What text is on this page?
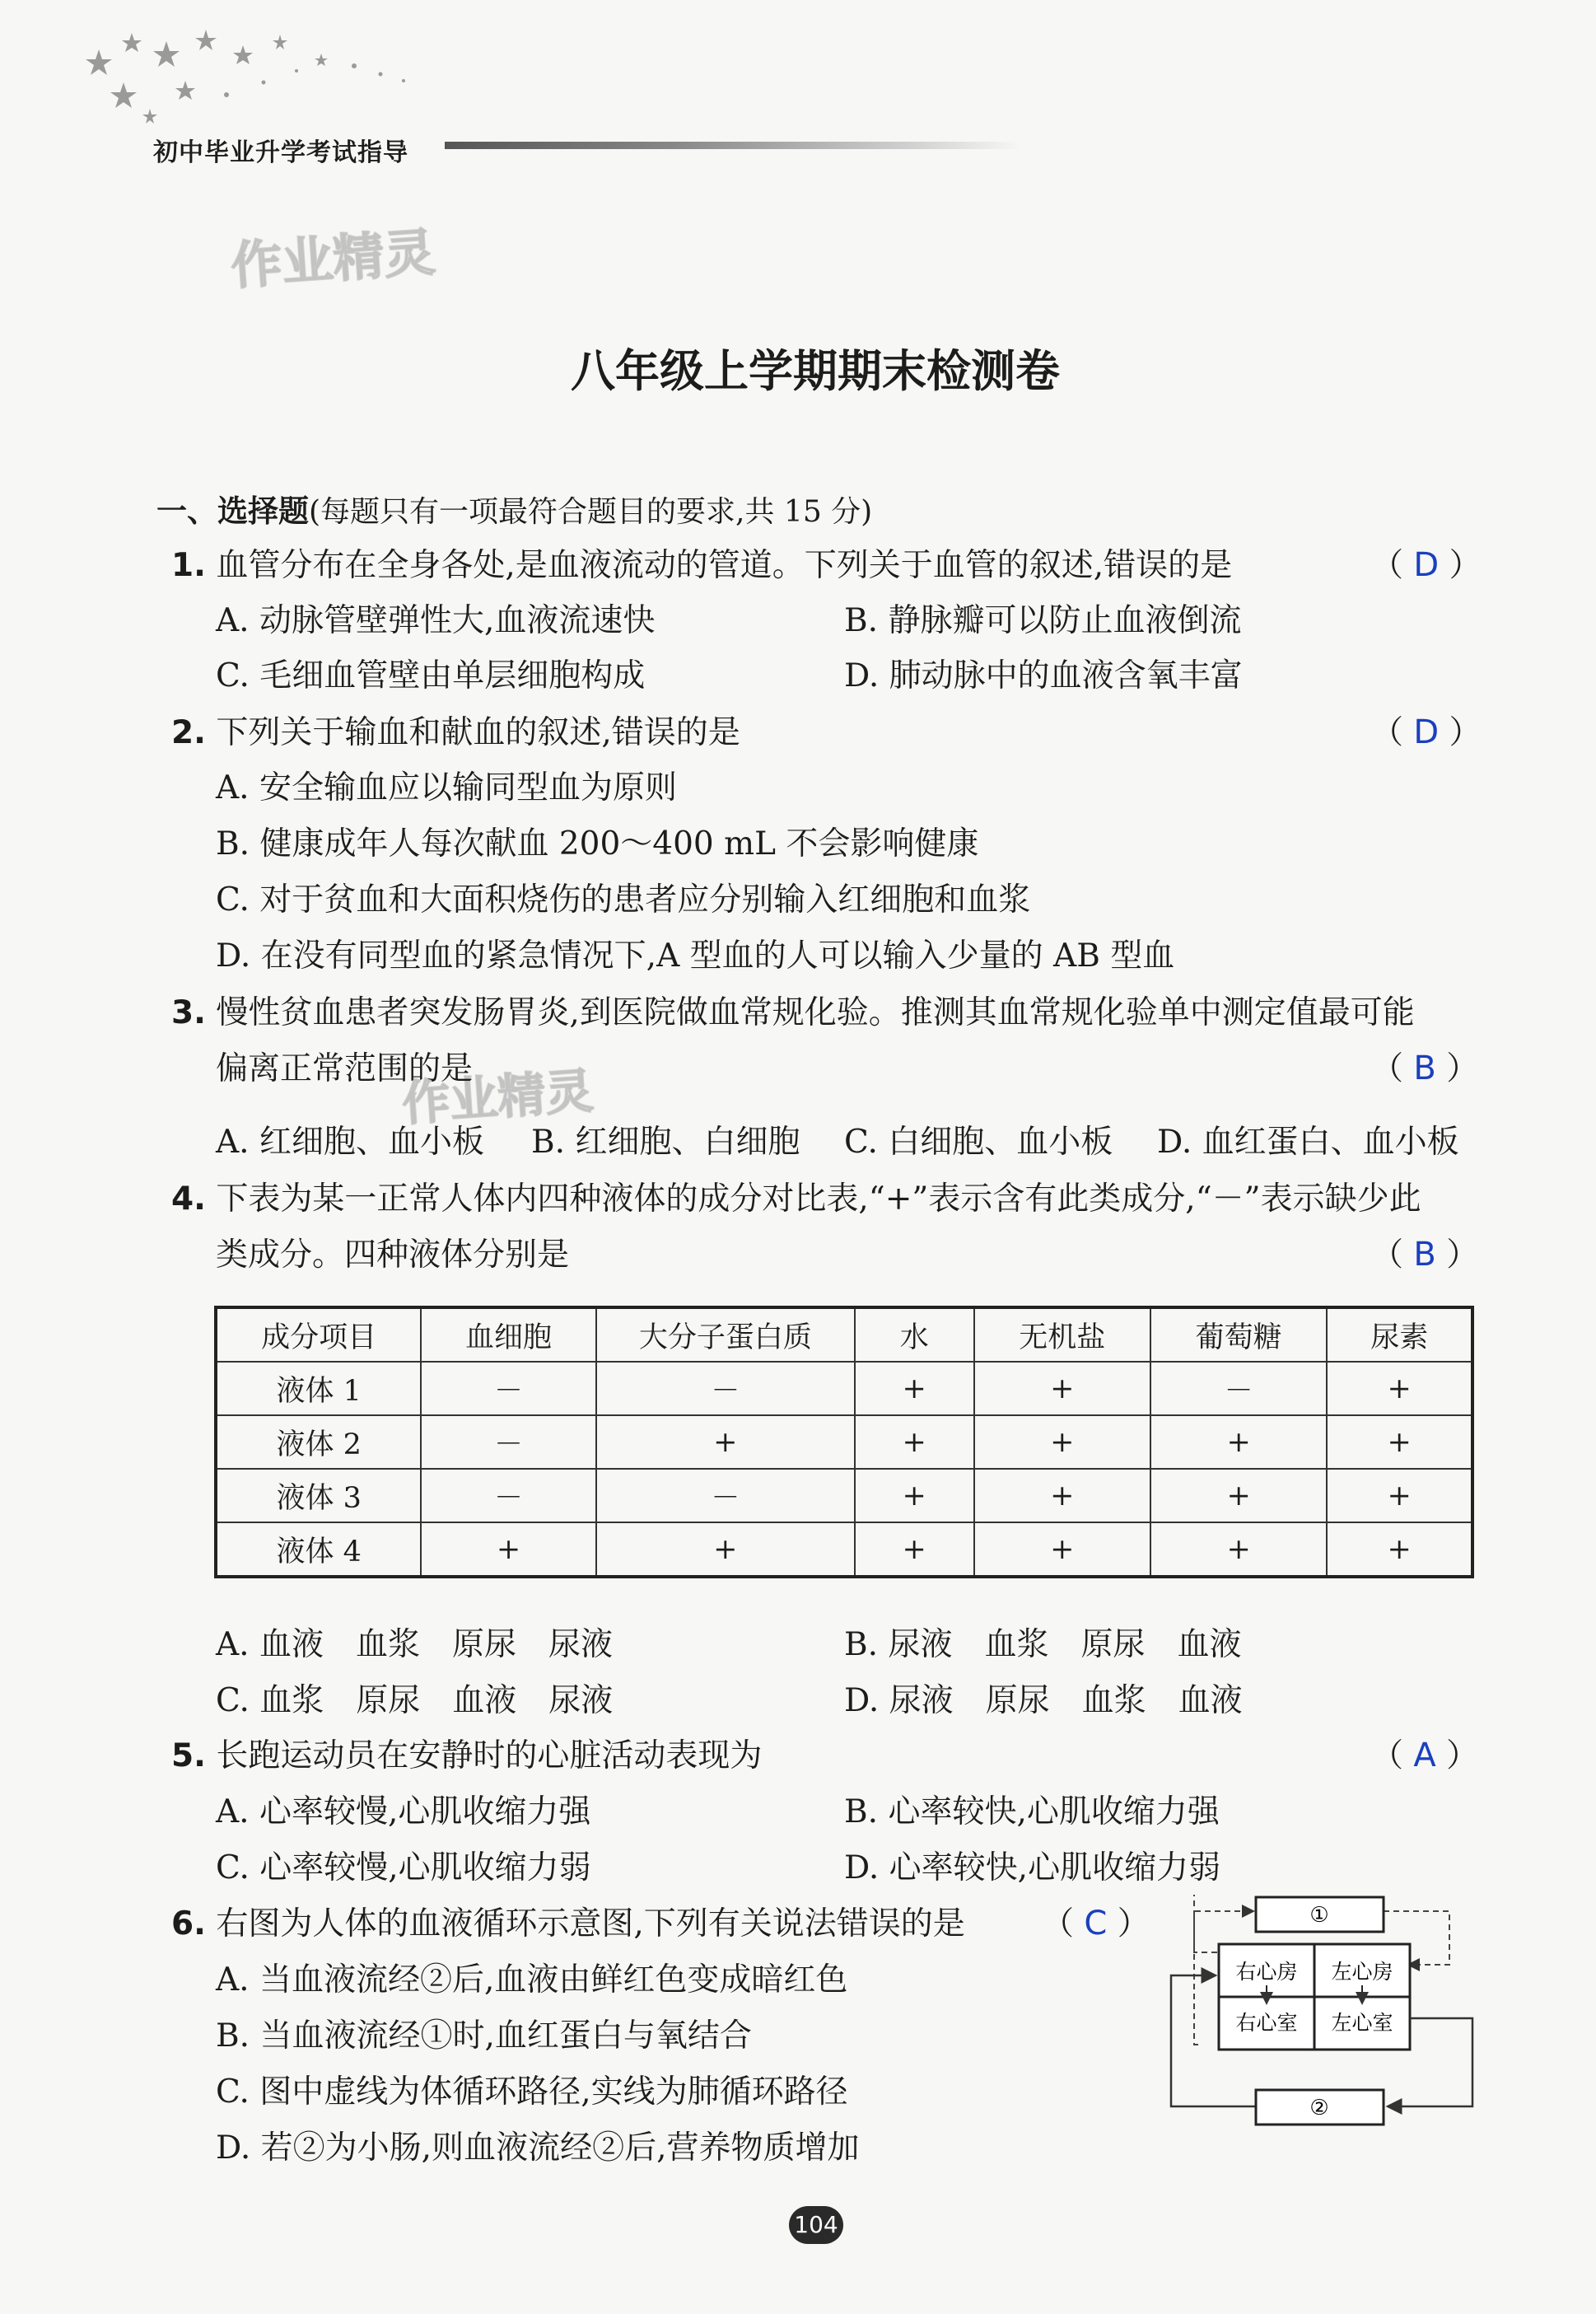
初中毕业升学考试指导
作业精灵
作业精灵
八年级上学期期末检测卷
一、选择题(每题只有一项最符合题目的要求,共 15 分)
1. 血管分布在全身各处,是血液流动的管道。下列关于血管的叙述,错误的是	（ D ）
A. 动脉管壁弹性大,血液流速快	B. 静脉瓣可以防止血液倒流
C. 毛细血管壁由单层细胞构成	D. 肺动脉中的血液含氧丰富
2. 下列关于输血和献血的叙述,错误的是	（ D ）
A. 安全输血应以输同型血为原则
B. 健康成年人每次献血 200～400 mL 不会影响健康
C. 对于贫血和大面积烧伤的患者应分别输入红细胞和血浆
D. 在没有同型血的紧急情况下,A 型血的人可以输入少量的 AB 型血
3. 慢性贫血患者突发肠胃炎,到医院做血常规化验。推测其血常规化验单中测定值最可能
偏离正常范围的是	（ B ）
A. 红细胞、血小板 B. 红细胞、白细胞 C. 白细胞、血小板 D. 血红蛋白、血小板
4. 下表为某一正常人体内四种液体的成分对比表,“+”表示含有此类成分,“－”表示缺少此
类成分。四种液体分别是	（ B ）
成分项目	血细胞	大分子蛋白质	水	无机盐	葡萄糖	尿素
液体 1	－	－	+	+	－	+
液体 2	－	+	+	+	+	+
液体 3	－	－	+	+	+	+
液体 4	+	+	+	+	+	+
A. 血液　血浆　原尿　尿液	B. 尿液　血浆　原尿　血液
C. 血浆　原尿　血液　尿液	D. 尿液　原尿　血浆　血液
5. 长跑运动员在安静时的心脏活动表现为	（ A ）
A. 心率较慢,心肌收缩力强	B. 心率较快,心肌收缩力强
C. 心率较慢,心肌收缩力弱	D. 心率较快,心肌收缩力弱
6. 右图为人体的血液循环示意图,下列有关说法错误的是 （ C ）
A. 当血液流经②后,血液由鲜红色变成暗红色
B. 当血液流经①时,血红蛋白与氧结合
C. 图中虚线为体循环路径,实线为肺循环路径
D. 若②为小肠,则血液流经②后,营养物质增加
①
右心房 左心房
右心室 左心室
②
104
